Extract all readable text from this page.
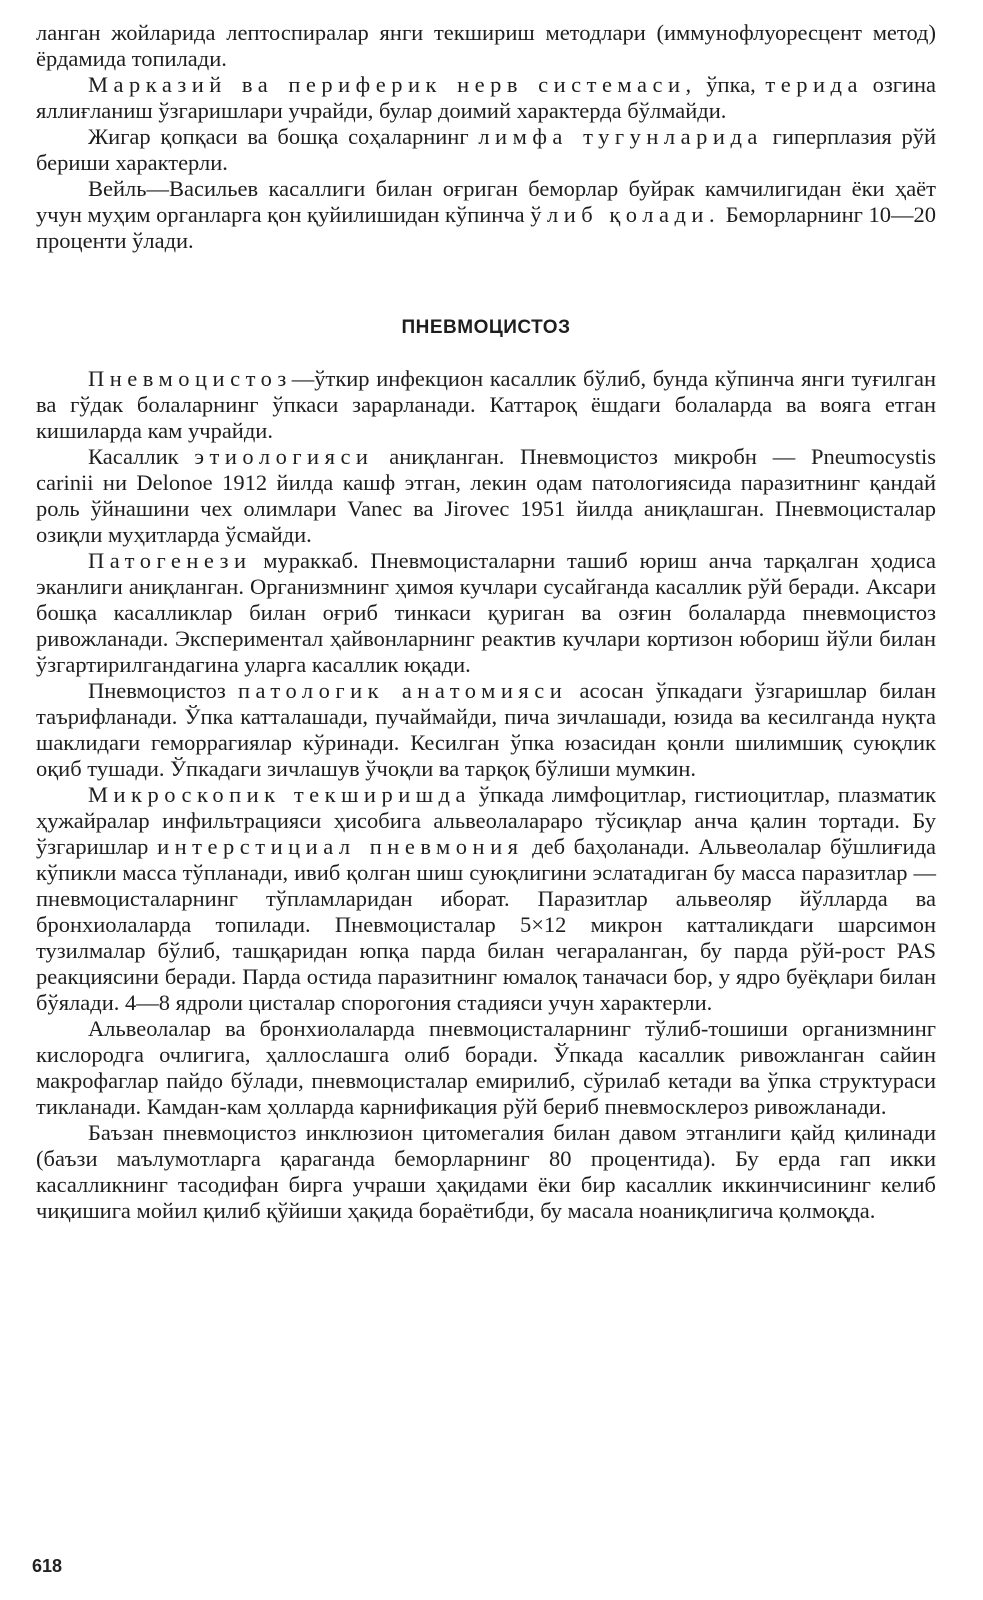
ланган жойларида лептоспиралар янги текшириш методлари (иммунофлуоресцент метод) ёрдамида топилади.

Марказий ва периферик нерв системаси, ўпка, терида озгина яллиғланиш ўзгаришлари учрайди, булар доимий характерда бўлмайди.

Жигар қопқаси ва бошқа соҳаларнинг лимфа тугунларида гиперплазия рўй бериши характерли.

Вейль—Васильев касаллиги билан оғриган беморлар буйрак камчилигидан ёки ҳаёт учун муҳим органларга қон қуйилишидан кўпинча ўлиб қолади. Беморларнинг 10—20 проценти ўлади.

ПНЕВМОЦИСТОЗ

Пневмоцистоз—ўткир инфекцион касаллик бўлиб, бунда кўпинча янги туғилган ва гўдак болаларнинг ўпкаси зарарланади. Каттароқ ёшдаги болаларда ва вояга етган кишиларда кам учрайди.

Касаллик этиологияси аниқланган. Пневмоцистоз микробн — Pneumocystis carinii ни Delonoe 1912 йилда кашф этган, лекин одам патологиясида паразитнинг қандай роль ўйнашини чех олимлари Vanec ва Jirovec 1951 йилда аниқлашган. Пневмоцисталар озиқли муҳитларда ўсмайди.

Патогенези мураккаб. Пневмоцисталарни ташиб юриш анча тарқалган ҳодиса эканлиги аниқланган. Организмнинг ҳимоя кучлари сусайганда касаллик рўй беради. Аксари бошқа касалликлар билан оғриб тинкаси қуриган ва озғин болаларда пневмоцистоз ривожланади. Экспериментал ҳайвонларнинг реактив кучлари кортизон юбориш йўли билан ўзгартирилгандагина уларга касаллик юқади.

Пневмоцистоз патологик анатомияси асосан ўпкадаги ўзгаришлар билан таърифланади. Ўпка катталашади, пучаймайди, пича зичлашади, юзида ва кесилганда нуқта шаклидаги геморрагиялар кўринади. Кесилган ўпка юзасидан қонли шилимшиқ суюқлик оқиб тушади. Ўпкадаги зичлашув ўчоқли ва тарқоқ бўлиши мумкин.

Микроскопик текширишда ўпкада лимфоцитлар, гистиоцитлар, плазматик ҳужайралар инфильтрацияси ҳисобига альвеолалараро тўсиқлар анча қалин тортади. Бу ўзгаришлар интерстициал пневмония деб баҳоланади. Альвеолалар бўшлиғида кўпикли масса тўпланади, ивиб қолган шиш суюқлигини эслатадиган бу масса паразитлар — пневмоцисталарнинг тўпламларидан иборат. Паразитлар альвеоляр йўлларда ва бронхиолаларда топилади. Пневмоцисталар 5×12 микрон катталикдаги шарсимон тузилмалар бўлиб, ташқаридан юпқа парда билан чегараланган, бу парда рўй-рост PAS реакциясини беради. Парда остида паразитнинг юмалоқ таначаси бор, у ядро буёқлари билан бўялади. 4—8 ядроли цисталар спорогония стадияси учун характерли.

Альвеолалар ва бронхиолаларда пневмоцисталарнинг тўлиб-тошиши организмнинг кислородга очлигига, ҳаллослашга олиб боради. Ўпкада касаллик ривожланган сайин макрофаглар пайдо бўлади, пневмоцисталар емирилиб, сўрилаб кетади ва ўпка структураси тикланади. Камдан-кам ҳолларда карнификация рўй бериб пневмосклероз ривожланади.

Баъзан пневмоцистоз инклюзион цитомегалия билан давом этганлиги қайд қилинади (баъзи маълумотларга қараганда беморларнинг 80 процентида). Бу ерда гап икки касалликнинг тасодифан бирга учраши ҳақидами ёки бир касаллик иккинчисининг келиб чиқишига мойил қилиб қўйиши ҳақида бораётибди, бу масала ноаниқлигича қолмоқда.

618
